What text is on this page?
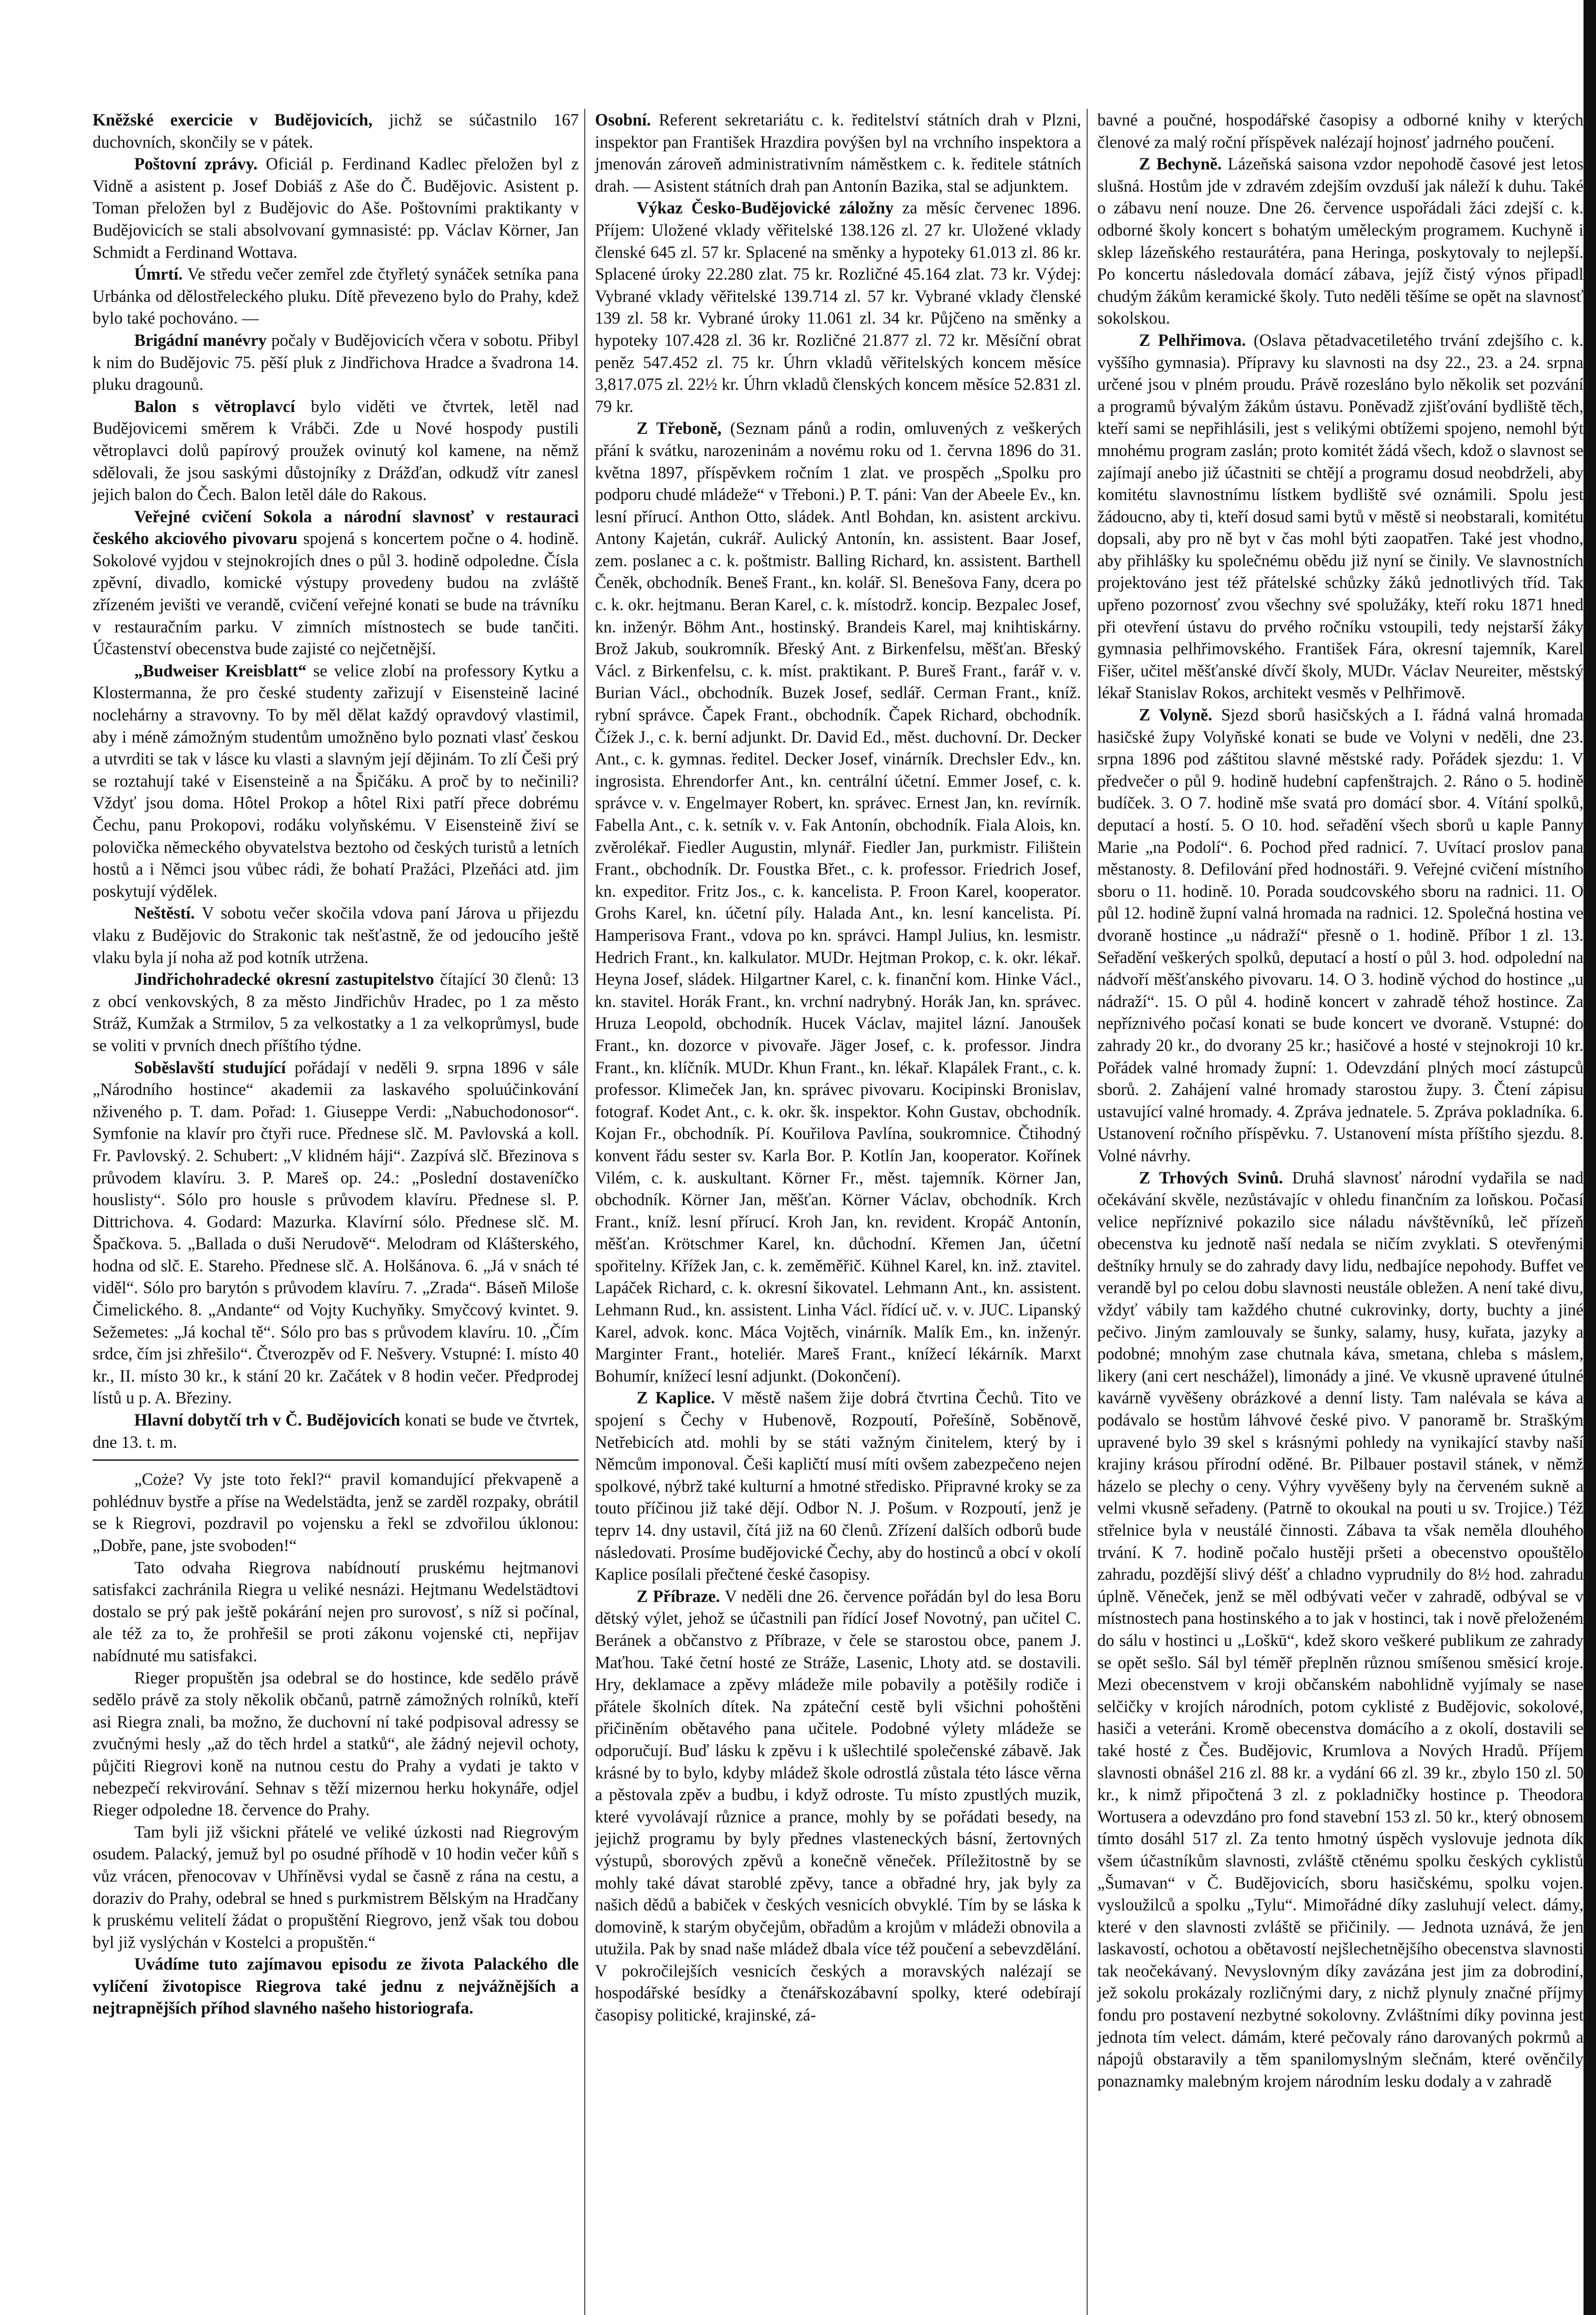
Kněžské exercicie v Budějovicích, jichž se súčastnilo 167 duchovních, skončily se v pátek.

Poštovní zprávy. Oficiál p. Ferdinand Kadlec přeložen byl z Vidně a asistent p. Josef Dobiáš z Aše do Č. Budějovic. Asistent p. Toman přeložen byl z Budějovic do Aše. Poštovními praktikanty v Budějovicích se stali absolvovaní gymnasisté: pp. Václav Körner, Jan Schmidt a Ferdinand Wottava.

Úmrtí. Ve středu večer zemřel zde čtyřletý synáček setníka pana Urbánka od dělostřeleckého pluku. Dítě převezeno bylo do Prahy, kdež bylo také pochováno. —

Brigádní manévry počaly v Budějovicích včera v sobotu. Přibyl k nim do Budějovic 75. pěší pluk z Jindřichova Hradce a švadrona 14. pluku dragounů.

Balon s větroplavcí bylo viděti ve čtvrtek, letěl nad Budějovicemi směrem k Vrábči. Zde u Nové hospody pustili větroplavci dolů papírový proužek ovinutý kol kamene, na němž sdělovali, že jsou saskými důstojníky z Drážďan, odkudž vítr zanesl jejich balon do Čech. Balon letěl dále do Rakous.

Veřejné cvičení Sokola a národní slavnosť v restauraci českého akciového pivovaru spojená s koncertem počne o 4. hodině. Sokolové vyjdou v stejnokrojích dnes o půl 3. hodině odpoledne. Čísla zpěvní, divadlo, komické výstupy provedeny budou na zvláště zřízeném jevišti ve verandě, cvičení veřejné konati se bude na trávníku v restauračním parku. V zimních místnostech se bude tančiti. Účastenství obecenstva bude zajisté co nejčetnější.

„Budweiser Kreisblatt“ se velice zlobí na professory Kytku a Klostermanna, že pro české studenty zařizují v Eisensteině laciné noclehárny a stravovny. To by měl dělat každý opravdový vlastimil, aby i méně zámožným studentům umožněno bylo poznati vlasť českou a utvrditi se tak v lásce ku vlasti a slavným její dějinám. To zlí Češi prý se roztahují také v Eisensteině a na Špičáku. A proč by to nečinili? Vždyť jsou doma. Hôtel Prokop a hôtel Rixi patří přece dobrému Čechu, panu Prokopovi, rodáku volyňskému. V Eisensteině živí se polovička německého obyvatelstva beztoho od českých turistů a letních hostů a i Němci jsou vůbec rádi, že bohatí Pražáci, Plzeňáci atd. jim poskytují výdělek.

Neštěstí. V sobotu večer skočila vdova paní Járova u přijezdu vlaku z Budějovic do Strakonic tak nešťastně, že od jedoucího ještě vlaku byla jí noha až pod kotník utržena.

Jindřichohradecké okresní zastupitelstvo čítající 30 členů: 13 z obcí venkovských, 8 za město Jindřichův Hradec, po 1 za město Stráž, Kumžak a Strmilov, 5 za velkostatky a 1 za velkoprůmysl, bude se voliti v prvních dnech příštího týdne.

Soběslavští studující pořádají v neděli 9. srpna 1896 v sále „Národního hostince“ akademii za laskavého spoluúčinkování nživeného p. T. dam. Pořad: 1. Giuseppe Verdi: „Nabuchodonosor“. Symfonie na klavír pro čtyři ruce. Přednese slč. M. Pavlovská a koll. Fr. Pavlovský. 2. Schubert: „V klidném háji“. Zazpívá slč. Březinova s průvodem klavíru. 3. P. Mareš op. 24.: „Poslední dostaveníčko houslisty“. Sólo pro housle s průvodem klavíru. Přednese sl. P. Dittrichova. 4. Godard: Mazurka. Klavírní sólo. Přednese slč. M. Špačkova. 5. „Ballada o duši Nerudově“. Melodram od Klášterského, hodna od slč. E. Stareho. Přednese slč. A. Holšánova. 6. „Já v snách té viděl“. Sólo pro barytón s průvodem klavíru. 7. „Zrada“. Báseň Miloše Čimelického. 8. „Andante“ od Vojty Kuchyňky. Smyčcový kvintet. 9. Sežemetes: „Já kochal tě“. Sólo pro bas s průvodem klavíru. 10. „Čím srdce, čím jsi zhřešilo“. Čtverozpěv od F. Nešvery. Vstupné: I. místo 40 kr., II. místo 30 kr., k stání 20 kr. Začátek v 8 hodin večer. Předprodej lístů u p. A. Březiny.

Hlavní dobytčí trh v Č. Budějovicích konati se bude ve čtvrtek, dne 13. t. m.

„Coże? Vy jste toto řekl?“ pravil komandující překvapeně a pohlédnuv bystře a příse na Wedelstädta, jenž se zarděl rozpaky, obrátil se k Riegrovi, pozdravil po vojensku a řekl se zdvořilou úklonou: „Dobře, pane, jste svoboden!“

Tato odvaha Riegrova nabídnoutí pruskému hejtmanovi satisfakci zachránila Riegra u veliké nesnázi. Hejtmanu Wedelstädtovi dostalo se prý pak ještě pokárání nejen pro surovosť, s níž si počínal, ale též za to, že prohřešil se proti zákonu vojenské cti, nepřijav nabídnuté mu satisfakci.

Rieger propuštěn jsa odebral se do hostince, kde sedělo právě sedělo právě za stoly několik občanů, patrně zámožných rolníků, kteří asi Riegra znali, ba možno, že duchovní ní také podpisoval adressy se zvučnými hesly „až do těch hrdel a statků“, ale žádný nejevil ochoty, půjčiti Riegrovi koně na nutnou cestu do Prahy a vydati je takto v nebezpečí rekvirování. Sehnav s těží mizernou herku hokynáře, odjel Rieger odpoledne 18. července do Prahy.

Tam byli již všickni přátelé ve veliké úzkosti nad Riegrovým osudem. Palacký, jemuž byl po osudné příhodě v 10 hodin večer kůň s vůz vrácen, přenocovav v Uhříněvsi vydal se časně z rána na cestu, a doraziv do Prahy, odebral se hned s purkmistrem Bělským na Hradčany k pruskému velitelí žádat o propuštění Riegrovo, jenž však tou dobou byl již vyslýchán v Kostelci a propuštěn.“

Uvádíme tuto zajímavou episodu ze života Palackého dle vylíčení životopisce Riegrova také jednu z nejvážnějších a nejtrapnějších příhod slavného našeho historiografa.

Osobní. Referent sekretariátu c. k. ředitelství státních drah v Plzni, inspektor pan František Hrazdira povýšen byl na vrchního inspektora a jmenován zároveň administrativním náměstkem c. k. ředitele státních drah. — Asistent státních drah pan Antonín Bazika, stal se adjunktem.

Výkaz Česko-Budějovické záložny za měsíc červenec 1896. Příjem: Uložené vklady věřitelské 138.126 zl. 27 kr. Uložené vklady členské 645 zl. 57 kr. Splacené na směnky a hypoteky 61.013 zl. 86 kr. Splacené úroky 22.280 zlat. 75 kr. Rozličné 45.164 zlat. 73 kr. Výdej: Vybrané vklady věřitelské 139.714 zl. 57 kr. Vybrané vklady členské 139 zl. 58 kr. Vybrané úroky 11.061 zl. 34 kr. Půjčeno na směnky a hypoteky 107.428 zl. 36 kr. Rozličné 21.877 zl. 72 kr. Měsíční obrat peněz 547.452 zl. 75 kr. Úhrn vkladů věřitelských koncem měsíce 3,817.075 zl. 22½ kr. Úhrn vkladů členských koncem měsíce 52.831 zl. 79 kr.

Z Třeboně, (Seznam pánů a rodin, omluvených z veškerých přání k svátku, narozeninám a novému roku od 1. června 1896 do 31. května 1897, příspěvkem ročním 1 zlat. ve prospěch „Spolku pro podporu chudé mládeže“ v Třeboni.) P. T. páni: Van der Abeele Ev., kn. lesní přírucí. Anthon Otto, sládek. Antl Bohdan, kn. asistent arckivu. Antony Kajetán, cukrář. Aulický Antonín, kn. assistent. Baar Josef, zem. poslanec a c. k. poštmistr. Balling Richard, kn. assistent. Barthell Čeněk, obchodník. Beneš Frant., kn. kolář. Sl. Benešova Fany, dcera po c. k. okr. hejtmanu. Beran Karel, c. k. místodrž. koncip. Bezpalec Josef, kn. inženýr. Böhm Ant., hostinský. Brandeis Karel, maj knihtiskárny. Brož Jakub, soukromník. Břeský Ant. z Birkenfelsu, měšťan. Břeský Václ. z Birkenfelsu, c. k. míst. praktikant. P. Bureš Frant., farář v. v. Burian Václ., obchodník. Buzek Josef, sedlář. Cerman Frant., kníž. rybní správce. Čapek Frant., obchodník. Čapek Richard, obchodník. Čížek J., c. k. berní adjunkt. Dr. David Ed., měst. duchovní. Dr. Decker Ant., c. k. gymnas. ředitel. Decker Josef, vinárník. Drechsler Edv., kn. ingrosista. Ehrendorfer Ant., kn. centrální účetní. Emmer Josef, c. k. správce v. v. Engelmayer Robert, kn. správec. Ernest Jan, kn. revírník. Fabella Ant., c. k. setník v. v. Fak Antonín, obchodník. Fiala Alois, kn. zvěrolékař. Fiedler Augustin, mlynář. Fiedler Jan, purkmistr. Filištein Frant., obchodník. Dr. Foustka Břet., c. k. professor. Friedrich Josef, kn. expeditor. Fritz Jos., c. k. kancelista. P. Froon Karel, kooperator. Grohs Karel, kn. účetní píly. Halada Ant., kn. lesní kancelista. Pí. Hamperisova Frant., vdova po kn. správci. Hampl Julius, kn. lesmistr. Hedrich Frant., kn. kalkulator. MUDr. Hejtman Prokop, c. k. okr. lékař. Heyna Josef, sládek. Hilgartner Karel, c. k. finanční kom. Hinke Václ., kn. stavitel. Horák Frant., kn. vrchní nadrybný. Horák Jan, kn. správec. Hruza Leopold, obchodník. Hucek Václav, majitel lázní. Janoušek Frant., kn. dozorce v pivovaře. Jäger Josef, c. k. professor. Jindra Frant., kn. klíčník. MUDr. Khun Frant., kn. lékař. Klapálek Frant., c. k. professor. Klimeček Jan, kn. správec pivovaru. Kocipinski Bronislav, fotograf. Kodet Ant., c. k. okr. šk. inspektor. Kohn Gustav, obchodník. Kojan Fr., obchodník. Pí. Kouřilova Pavlína, soukromnice. Čtihodný konvent řádu sester sv. Karla Bor. P. Kotlín Jan, kooperator. Kořínek Vilém, c. k. auskultant. Körner Fr., měst. tajemník. Körner Jan, obchodník. Körner Jan, měšťan. Körner Václav, obchodník. Krch Frant., kníž. lesní přírucí. Kroh Jan, kn. revident. Kropáč Antonín, měšťan. Krötschmer Karel, kn. důchodní. Křemen Jan, účetní spořitelny. Křížek Jan, c. k. zeměměřič. Kühnel Karel, kn. inž. ztavitel. Lapáček Richard, c. k. okresní šikovatel. Lehmann Ant., kn. assistent. Lehmann Rud., kn. assistent. Linha Václ. řídící uč. v. v. JUC. Lipanský Karel, advok. konc. Máca Vojtěch, vinárník. Malík Em., kn. inženýr. Marginter Frant., hoteliér. Mareš Frant., knížecí lékárník. Marxt Bohumír, knížecí lesní adjunkt. (Dokončení).

Z Kaplice. V městě našem žije dobrá čtvrtina Čechů. Tito ve spojení s Čechy v Hubenově, Rozpoutí, Pořešíně, Soběnově, Netřebicích atd. mohli by se státi važným činitelem, který by i Němcům imponoval. Češi kapličtí musí míti ovšem zabezpečeno nejen spolkové, nýbrž také kulturní a hmotné středisko. Připravné kroky se za touto příčinou již také dějí. Odbor N. J. Pošum. v Rozpoutí, jenž je teprv 14. dny ustavil, čítá již na 60 členů. Zřízení dalších odborů bude následovati. Prosíme budějovické Čechy, aby do hostinců a obcí v okolí Kaplice posílali přečtené české časopisy.

Z Příbraze. V neděli dne 26. července pořádán byl do lesa Boru dětský výlet, jehož se účastnili pan řídící Josef Novotný, pan učitel C. Beránek a občanstvo z Příbraze, v čele se starostou obce, panem J. Maťhou. Také četní hosté ze Stráže, Lasenic, Lhoty atd. se dostavili. Hry, deklamace a zpěvy mládeže mile pobavily a potěšily rodiče i přátele školních dítek. Na zpáteční cestě byli všichni pohoštěni přičiněním obětavého pana učitele. Podobné výlety mládeže se odporučují. Buď lásku k zpěvu i k ušlechtilé společenské zábavě. Jak krásné by to bylo, kdyby mládež škole odrostlá zůstala této lásce věrna a pěstovala zpěv a budbu, i když odroste. Tu místo zpustlých muzik, které vyvolávají různice a prance, mohly by se pořádati besedy, na jejichž programu by byly přednes vlasteneckých básní, žertovných výstupů, sborových zpěvů a konečně věneček. Příležitostně by se mohly také dávat staroblé zpěvy, tance a obřadné hry, jak byly za našich dědů a babiček v českých vesnicích obvyklé. Tím by se láska k domovině, k starým obyčejům, obřadům a krojům v mládeži obnovila a utužila. Pak by snad naše mládež dbala více též poučení a sebevzdělání. V pokročilejších vesnicích českých a moravských nalézají se hospodářské besídky a čtenářskozábavní spolky, které odebírají časopisy politické, krajinské, zá-

bavné a poučné, hospodářské časopisy a odborné knihy v kterých členové za malý roční příspěvek nalézají hojnosť jadrného poučení.

Z Bechyně. Lázeňská saisona vzdor nepohodě časové jest letos slušná. Hostům jde v zdravém zdejším ovzduší jak náleží k duhu. Také o zábavu není nouze. Dne 26. července uspořádali žáci zdejší c. k. odborné školy koncert s bohatým uměleckým programem. Kuchyně i sklep lázeňského restaurátéra, pana Heringa, poskytovaly to nejlepší. Po koncertu následovala domácí zábava, jejíž čistý výnos připadl chudým žákům keramické školy. Tuto neděli těšíme se opět na slavnosť sokolskou.

Z Pelhřimova. (Oslava pětadvacetiletého trvání zdejšího c. k. vyššího gymnasia). Přípravy ku slavnosti na dsy 22., 23. a 24. srpna určené jsou v plném proudu. Právě rozesláno bylo několik set pozvání a programů bývalým žákům ústavu. Poněvadž zjišťování bydliště těch, kteří sami se nepřihlásili, jest s velikými obtížemi spojeno, nemohl být mnohému program zaslán; proto komitét žádá všech, kdož o slavnost se zajímají anebo již účastniti se chtějí a programu dosud neobdrželi, aby komitétu slavnostnímu lístkem bydliště své oznámili. Spolu jest žádoucno, aby ti, kteří dosud sami bytů v městě si neobstarali, komitétu dopsali, aby pro ně byt v čas mohl býti zaopatřen. Také jest vhodno, aby přihlášky ku společnému obědu již nyní se činily. Ve slavnostních projektováno jest též přátelské schůzky žáků jednotlivých tříd. Tak upřeno pozornosť zvou všechny své spolužáky, kteří roku 1871 hned při otevření ústavu do prvého ročníku vstoupili, tedy nejstarší žáky gymnasia pelhřimovského. František Fára, okresní tajemník, Karel Fišer, učitel měšťanské dívčí školy, MUDr. Václav Neureiter, městský lékař Stanislav Rokos, architekt vesměs v Pelhřimově.

Z Volyně. Sjezd sborů hasičských a I. řádná valná hromada hasičské župy Volyňské konati se bude ve Volyni v neděli, dne 23. srpna 1896 pod záštitou slavné městské rady. Pořádek sjezdu: 1. V předvečer o půl 9. hodině hudební capfenštrajch. 2. Ráno o 5. hodině budíček. 3. O 7. hodině mše svatá pro domácí sbor. 4. Vítání spolků, deputací a hostí. 5. O 10. hod. seřadění všech sborů u kaple Panny Marie „na Podolí“. 6. Pochod před radnicí. 7. Uvítací proslov pana městanosty. 8. Defilování před hodnostáři. 9. Veřejné cvičení místního sboru o 11. hodině. 10. Porada soudcovského sboru na radnici. 11. O půl 12. hodině župní valná hromada na radnici. 12. Společná hostina ve dvoraně hostince „u nádraží“ přesně o 1. hodině. Příbor 1 zl. 13. Seřadění veškerých spolků, deputací a hostí o půl 3. hod. odpolední na nádvoří měšťanského pivovaru. 14. O 3. hodině východ do hostince „u nádraží“. 15. O půl 4. hodině koncert v zahradě téhož hostince. Za nepříznivého počasí konati se bude koncert ve dvoraně. Vstupné: do zahrady 20 kr., do dvorany 25 kr.; hasičové a hosté v stejnokroji 10 kr. Pořádek valné hromady župní: 1. Odevzdání plných mocí zástupců sborů. 2. Zahájení valné hromady starostou župy. 3. Čtení zápisu ustavující valné hromady. 4. Zpráva jednatele. 5. Zpráva pokladníka. 6. Ustanovení ročního příspěvku. 7. Ustanovení místa příštího sjezdu. 8. Volné návrhy.

Z Trhových Svinů. Druhá slavnosť národní vydařila se nad očekávání skvěle, nezůstávajíc v ohledu finančním za loňskou. Počasí velice nepříznivé pokazilo sice náladu návštěvníků, leč přízeň obecenstva ku jednotě naší nedala se ničím zvyklati. S otevřenými deštníky hrnuly se do zahrady davy lidu, nedbajíce nepohody. Buffet ve verandě byl po celou dobu slavnosti neustále obležen. A není také divu, vždyť vábily tam každého chutné cukrovinky, dorty, buchty a jiné pečivo. Jiným zamlouvaly se šunky, salamy, husy, kuřata, jazyky a podobné; mnohým zase chutnala káva, smetana, chleba s máslem, likery (ani cert neschážel), limonády a jiné. Ve vkusně upravené útulné kavárně vyvěšeny obrázkové a denní listy. Tam nalévala se káva a podávalo se hostům láhvové české pivo. V panoramě br. Straškým upravené bylo 39 skel s krásnými pohledy na vynikající stavby naší krajiny krásou přírodní oděné. Br. Pilbauer postavil stánek, v němž házelo se plechy o ceny. Výhry vyvěšeny byly na červeném sukně a velmi vkusně seřadeny. (Patrně to okoukal na pouti u sv. Trojice.) Též střelnice byla v neustálé činnosti. Zábava ta však neměla dlouhého trvání. K 7. hodině počalo hustěji pršeti a obecenstvo opouštělo zahradu, pozdější slivý déšť a chladno vyprudnily do 8½ hod. zahradu úplně. Věneček, jenž se měl odbývati večer v zahradě, odbýval se v místnostech pana hostinského a to jak v hostinci, tak i nově přeloženém do sálu v hostinci u „Loškū“, kdež skoro veškeré publikum ze zahrady se opět sešlo. Sál byl téměř přeplněn různou smíšenou směsicí kroje. Mezi obecenstvem v kroji občanském nabohlidně vyjímaly se nase selčičky v krojích národních, potom cyklisté z Budějovic, sokolové, hasiči a veteráni. Kromě obecenstva domácího a z okolí, dostavili se také hosté z Čes. Budějovic, Krumlova a Nových Hradů. Příjem slavnosti obnášel 216 zl. 88 kr. a vydání 66 zl. 39 kr., zbylo 150 zl. 50 kr., k nimž připočtená 3 zl. z pokladničky hostince p. Theodora Wortusera a odevzdáno pro fond stavební 153 zl. 50 kr., který obnosem tímto dosáhl 517 zl. Za tento hmotný úspěch vyslovuje jednota dík všem účastníkům slavnosti, zvláště ctěnému spolku českých cyklistů „Šumavan“ v Č. Budějovicích, sboru hasičskému, spolku vojen. vysloužilců a spolku „Tylu“. Mimořádné díky zasluhují velect. dámy, které v den slavnosti zvláště se přičinily. — Jednota uznává, že jen laskavostí, ochotou a obětavostí nejšlechetnějšího obecenstva slavnosti tak neočekávaný. Nevyslovným díky zavázána jest jim za dobrodiní, jež sokolu prokázaly rozličnými dary, z nichž plynuly značné příjmy fondu pro postavení nezbytné sokolovny. Zvláštními díky povinna jest jednota tím velect. dámám, které pečovaly ráno darovaných pokrmů a nápojů obstaravily a těm spanilomyslným slečnám, které ověnčily ponaznamky malebným krojem národním lesku dodaly a v zahradě
